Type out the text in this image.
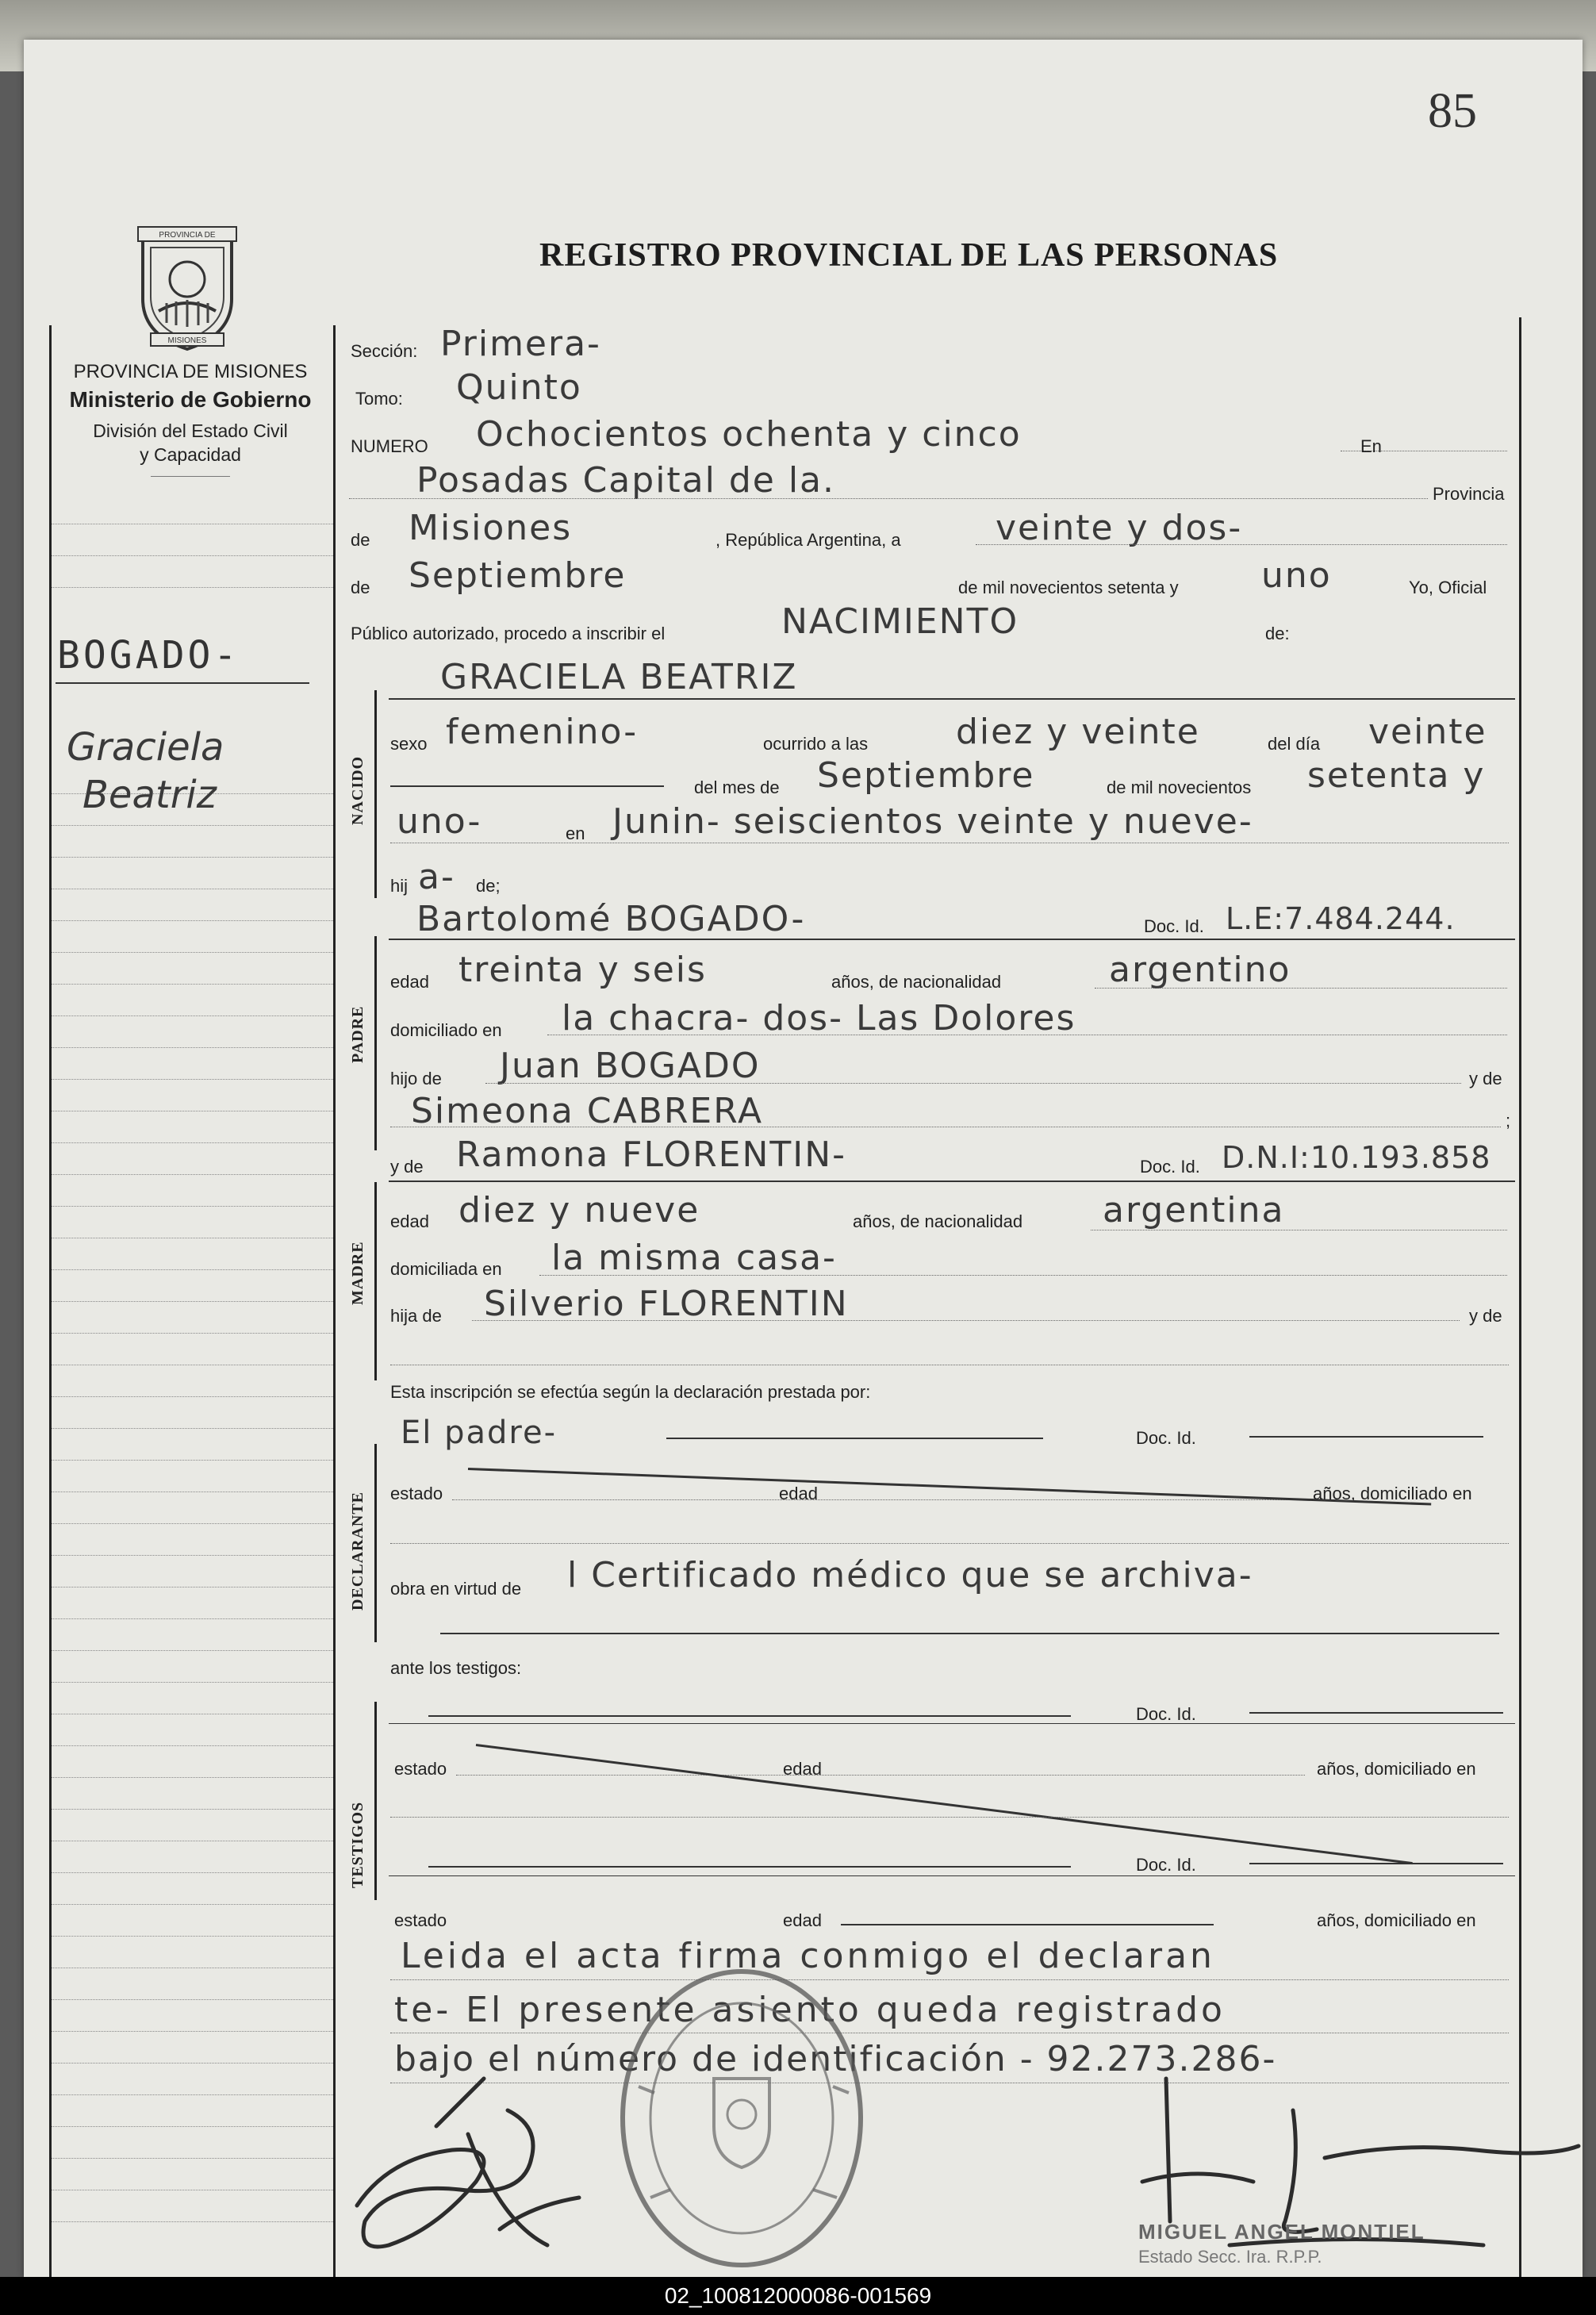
85
REGISTRO PROVINCIAL DE LAS PERSONAS
PROVINCIA DE
MISIONES
PROVINCIA DE MISIONES
Ministerio de Gobierno
División del Estado Civil
y Capacidad
BOGADO-
Graciela
Beatriz
Sección: Primera-
Tomo: Quinto
NUMERO Ochocientos ochenta y cinco	En
Posadas Capital de la.	Provincia
de Misiones	, República Argentina, a	veinte y dos-
de Septiembre	de mil novecientos setenta y uno	Yo, Oficial
Público autorizado, procedo a inscribir el	NACIMIENTO	de:
NACIDO
GRACIELA BEATRIZ
sexo femenino-	ocurrido a las	diez y veinte	del día veinte
del mes de Septiembre	de mil novecientos setenta y
uno-	en Junin- seiscientos veinte y nueve-
hij a- de;
PADRE
Bartolomé BOGADO-	Doc. Id. L.E:7.484.244.
edad treinta y seis	años, de nacionalidad	argentino
domiciliado en la chacra- dos- Las Dolores
hijo de Juan BOGADO	y de
Simeona CABRERA	;
y de Ramona FLORENTIN-	Doc. Id. D.N.I:10.193.858
MADRE
edad diez y nueve	años, de nacionalidad argentina
domiciliada en la misma casa-
hija de Silverio FLORENTIN	y de
Esta inscripción se efectúa según la declaración prestada por:
El padre-	Doc. Id.
DECLARANTE estado	edad	años, domiciliado en
obra en virtud de l Certificado médico que se archiva-
ante los testigos:
TESTIGOS
Doc. Id.
estado	edad	años, domiciliado en
Doc. Id.
estado	edad	años, domiciliado en
Leida el acta firma conmigo el declaran
te- El presente asiento queda registrado
bajo el número de identificación - 92.273.286-
MIGUEL ANGEL MONTIEL
Estado Secc. Ira. R.P.P.
02_100812000086-001569
